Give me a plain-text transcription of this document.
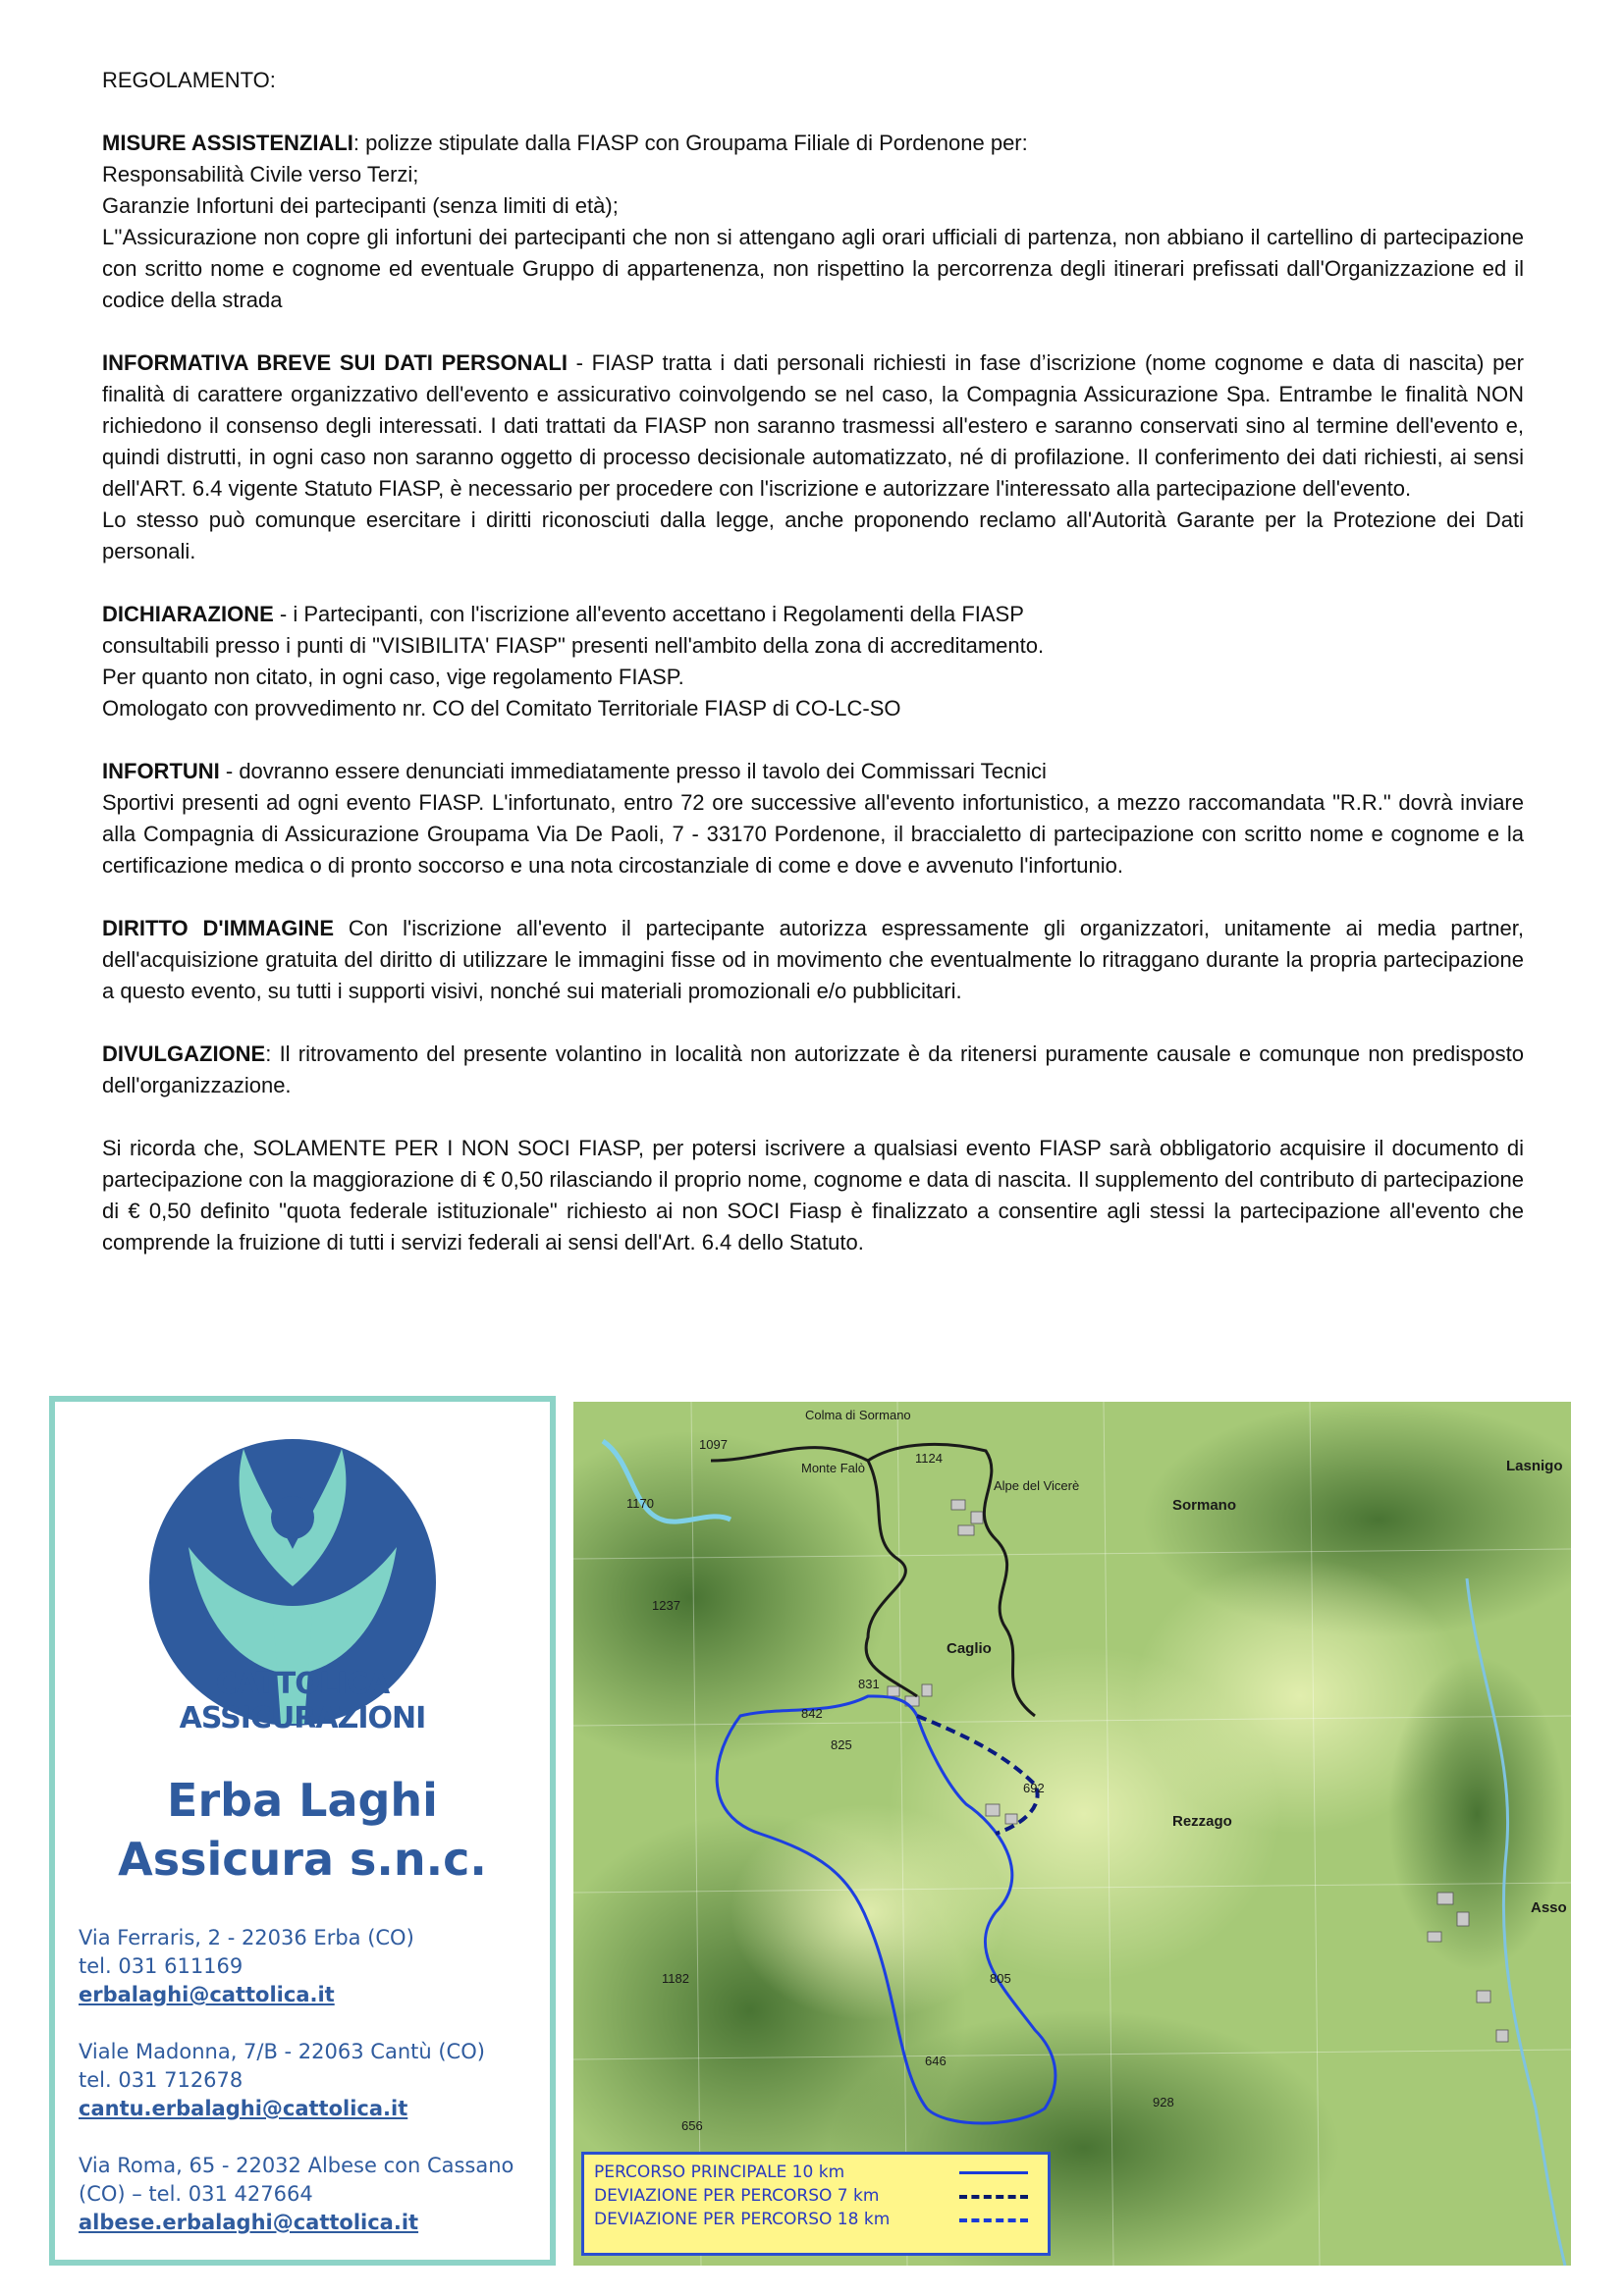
REGOLAMENTO:

MISURE ASSISTENZIALI: polizze stipulate dalla FIASP con Groupama Filiale di Pordenone per:

Responsabilità Civile verso Terzi;

Garanzie Infortuni dei partecipanti (senza limiti di età);

L''Assicurazione non copre gli infortuni dei partecipanti che non si attengano agli orari ufficiali di partenza, non abbiano il cartellino di partecipazione con scritto nome e cognome ed eventuale Gruppo di appartenenza, non rispettino la percorrenza degli itinerari prefissati dall'Organizzazione ed il codice della strada

INFORMATIVA BREVE SUI DATI PERSONALI - FIASP tratta i dati personali richiesti in fase d’iscrizione (nome cognome e data di nascita) per finalità di carattere organizzativo dell'evento e assicurativo coinvolgendo se nel caso, la Compagnia Assicurazione Spa. Entrambe le finalità NON richiedono il consenso degli interessati. I dati trattati da FIASP non saranno trasmessi all'estero e saranno conservati sino al termine dell'evento e, quindi distrutti, in ogni caso non saranno oggetto di processo decisionale automatizzato, né di profilazione. Il conferimento dei dati richiesti, ai sensi dell'ART. 6.4 vigente Statuto FIASP, è necessario per procedere con l'iscrizione e autorizzare l'interessato alla partecipazione dell'evento.

Lo stesso può comunque esercitare i diritti riconosciuti dalla legge, anche proponendo reclamo all'Autorità Garante per la Protezione dei Dati personali.

DICHIARAZIONE - i Partecipanti, con l'iscrizione all'evento accettano i Regolamenti della FIASP

consultabili presso i punti di "VISIBILITA' FIASP" presenti nell'ambito della zona di accreditamento.

Per quanto non citato, in ogni caso, vige regolamento FIASP.

Omologato con provvedimento nr. CO del Comitato Territoriale FIASP di CO-LC-SO

INFORTUNI - dovranno essere denunciati immediatamente presso il tavolo dei Commissari Tecnici

Sportivi presenti ad ogni evento FIASP. L'infortunato, entro 72 ore successive all'evento infortunistico, a mezzo raccomandata "R.R." dovrà inviare alla Compagnia di Assicurazione Groupama Via De Paoli, 7 - 33170 Pordenone, il braccialetto di partecipazione con scritto nome e cognome e la certificazione medica o di pronto soccorso e una nota circostanziale di come e dove e avvenuto l'infortunio.

DIRITTO D'IMMAGINE Con l'iscrizione all'evento il partecipante autorizza espressamente gli organizzatori, unitamente ai media partner, dell'acquisizione gratuita del diritto di utilizzare le immagini fisse od in movimento che eventualmente lo ritraggano durante la propria partecipazione a questo evento, su tutti i supporti visivi, nonché sui materiali promozionali e/o pubblicitari.

DIVULGAZIONE: Il ritrovamento del presente volantino in località non autorizzate è da ritenersi puramente causale e comunque non predisposto dell'organizzazione.

Si ricorda che, SOLAMENTE PER I NON SOCI FIASP, per potersi iscrivere a qualsiasi evento FIASP sarà obbligatorio acquisire il documento di partecipazione con la maggiorazione di € 0,50 rilasciando il proprio nome, cognome e data di nascita. Il supplemento del contributo di partecipazione di € 0,50 definito "quota federale istituzionale" richiesto ai non SOCI Fiasp è finalizzato a consentire agli stessi la partecipazione all'evento che comprende la fruizione di tutti i servizi federali ai sensi dell'Art. 6.4 dello Statuto.

CATTOLICA
ASSICURAZIONI
Erba Laghi
Assicura s.n.c.
Via Ferraris, 2 - 22036 Erba (CO)
tel. 031 611169
erbalaghi@cattolica.it
Viale Madonna, 7/B - 22063 Cantù (CO)
tel. 031 712678
cantu.erbalaghi@cattolica.it
Via Roma, 65 - 22032 Albese con Cassano
(CO) – tel. 031 427664
albese.erbalaghi@cattolica.it
Colma di Sormano
Sormano
Lasnigo
Caglio
Rezzago
Asso
Monte Falò
Alpe del Vicerè
1097
1124
1170
1237
831
842
825
692
646
805
928
656
1182
PERCORSO PRINCIPALE 10 km
DEVIAZIONE PER PERCORSO 7 km
DEVIAZIONE PER PERCORSO 18 km
